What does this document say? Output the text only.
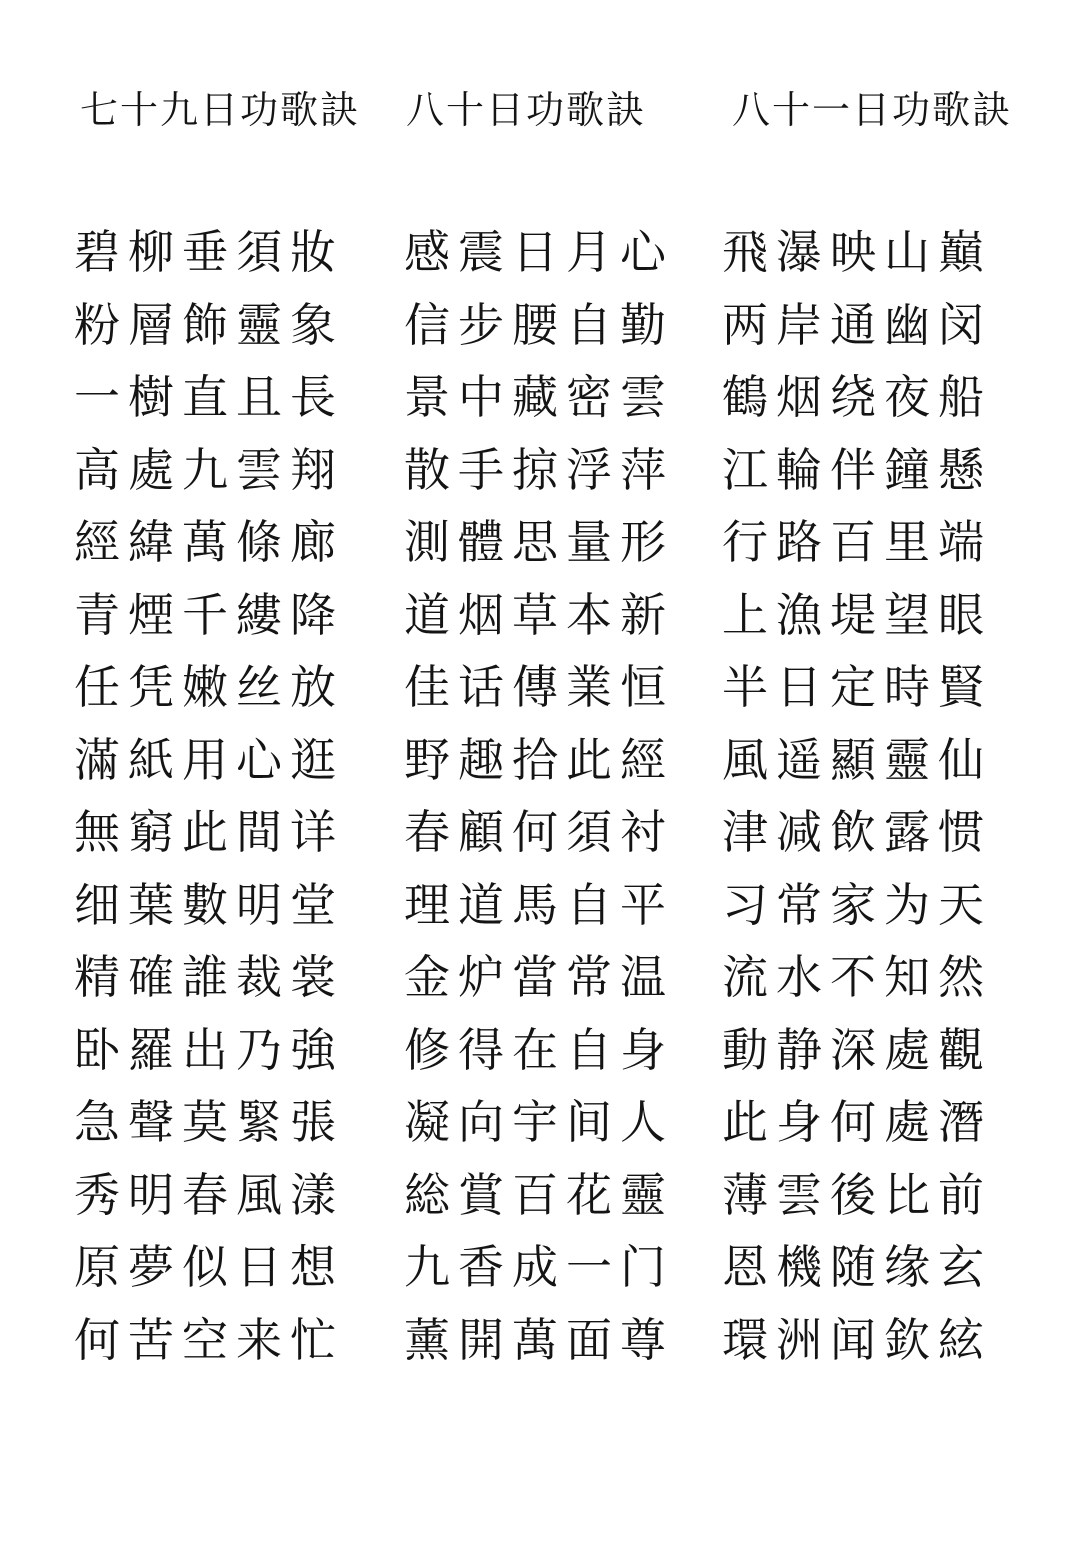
七十九日功歌訣
碧柳垂須妝
粉層飾靈象
一樹直且長
高處九雲翔
經緯萬條廊
青煙千縷降
任凭嫩丝放
滿紙用心逛
無窮此間详
细葉數明堂
精確誰裁裳
卧羅出乃強
急聲莫緊張
秀明春風漾
原夢似日想
何苦空来忙
八十日功歌訣
感震日月心
信步腰自勤
景中藏密雲
散手掠浮萍
測體思量形
道烟草本新
佳话傳業恒
野趣拾此經
春顧何須衬
理道馬自平
金炉當常温
修得在自身
凝向宇间人
総賞百花靈
九香成一门
薰開萬面尊
八十一日功歌訣
飛瀑映山巔
两岸通幽闵
鶴烟绕夜船
江輪伴鐘懸
行路百里端
上漁堤望眼
半日定時賢
風遥顯靈仙
津减飲露惯
习常家为天
流水不知然
動静深處觀
此身何處潛
薄雲後比前
恩機随缘玄
環洲闻欽絃
